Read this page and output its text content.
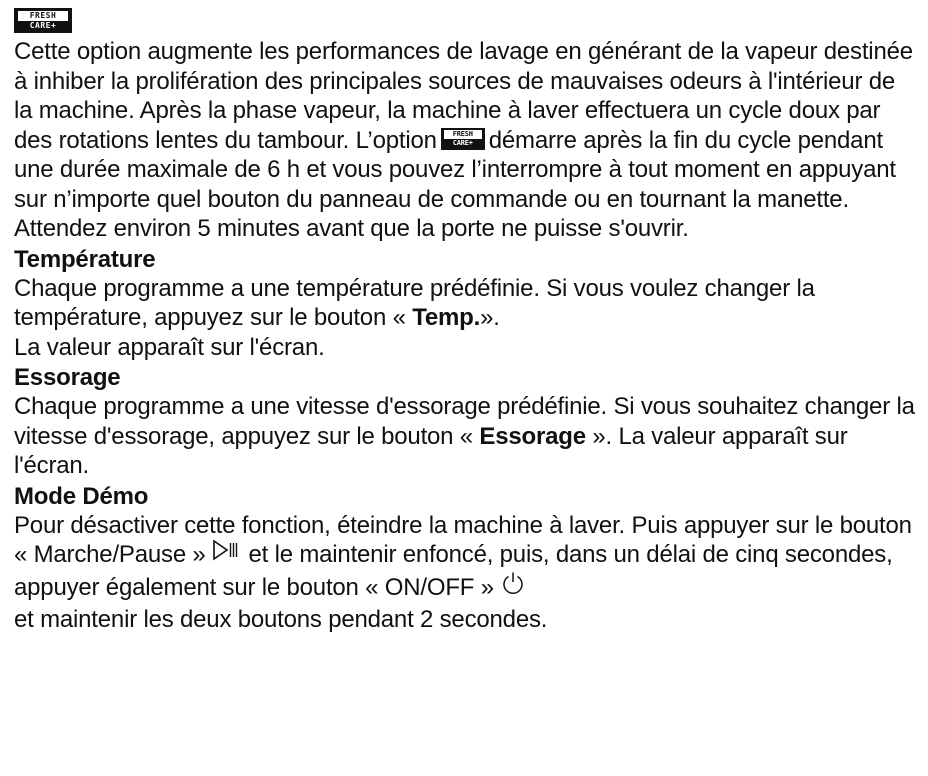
FRESH
CARE+

Cette option augmente les performances de lavage en générant de la vapeur destinée à inhiber la prolifération des principales sources de mauvaises odeurs à l'intérieur de la machine. Après la phase vapeur, la machine à laver effectuera un cycle doux par des rotations lentes du tambour. L’option	FRESH
CARE+ démarre après la fin du cycle pendant une durée maximale de 6 h et vous pouvez l’interrompre à tout moment en appuyant sur n’importe quel bouton du panneau de commande ou en tournant la manette. Attendez environ 5 minutes avant que la porte ne puisse s'ouvrir.

Température

Chaque programme a une température prédéfinie. Si vous voulez changer la température, appuyez sur le bouton « Temp.».
La valeur apparaît sur l'écran.

Essorage

Chaque programme a une vitesse d'essorage prédéfinie. Si vous souhaitez changer la vitesse d'essorage, appuyez sur le bouton « Essorage ». La valeur apparaît sur l'écran.

Mode Démo

Pour désactiver cette fonction, éteindre la machine à laver. Puis appuyer sur le bouton « Marche/Pause » et le maintenir enfoncé, puis, dans un délai de cinq secondes, appuyer également sur le bouton « ON/OFF »
et maintenir les deux boutons pendant 2 secondes.
